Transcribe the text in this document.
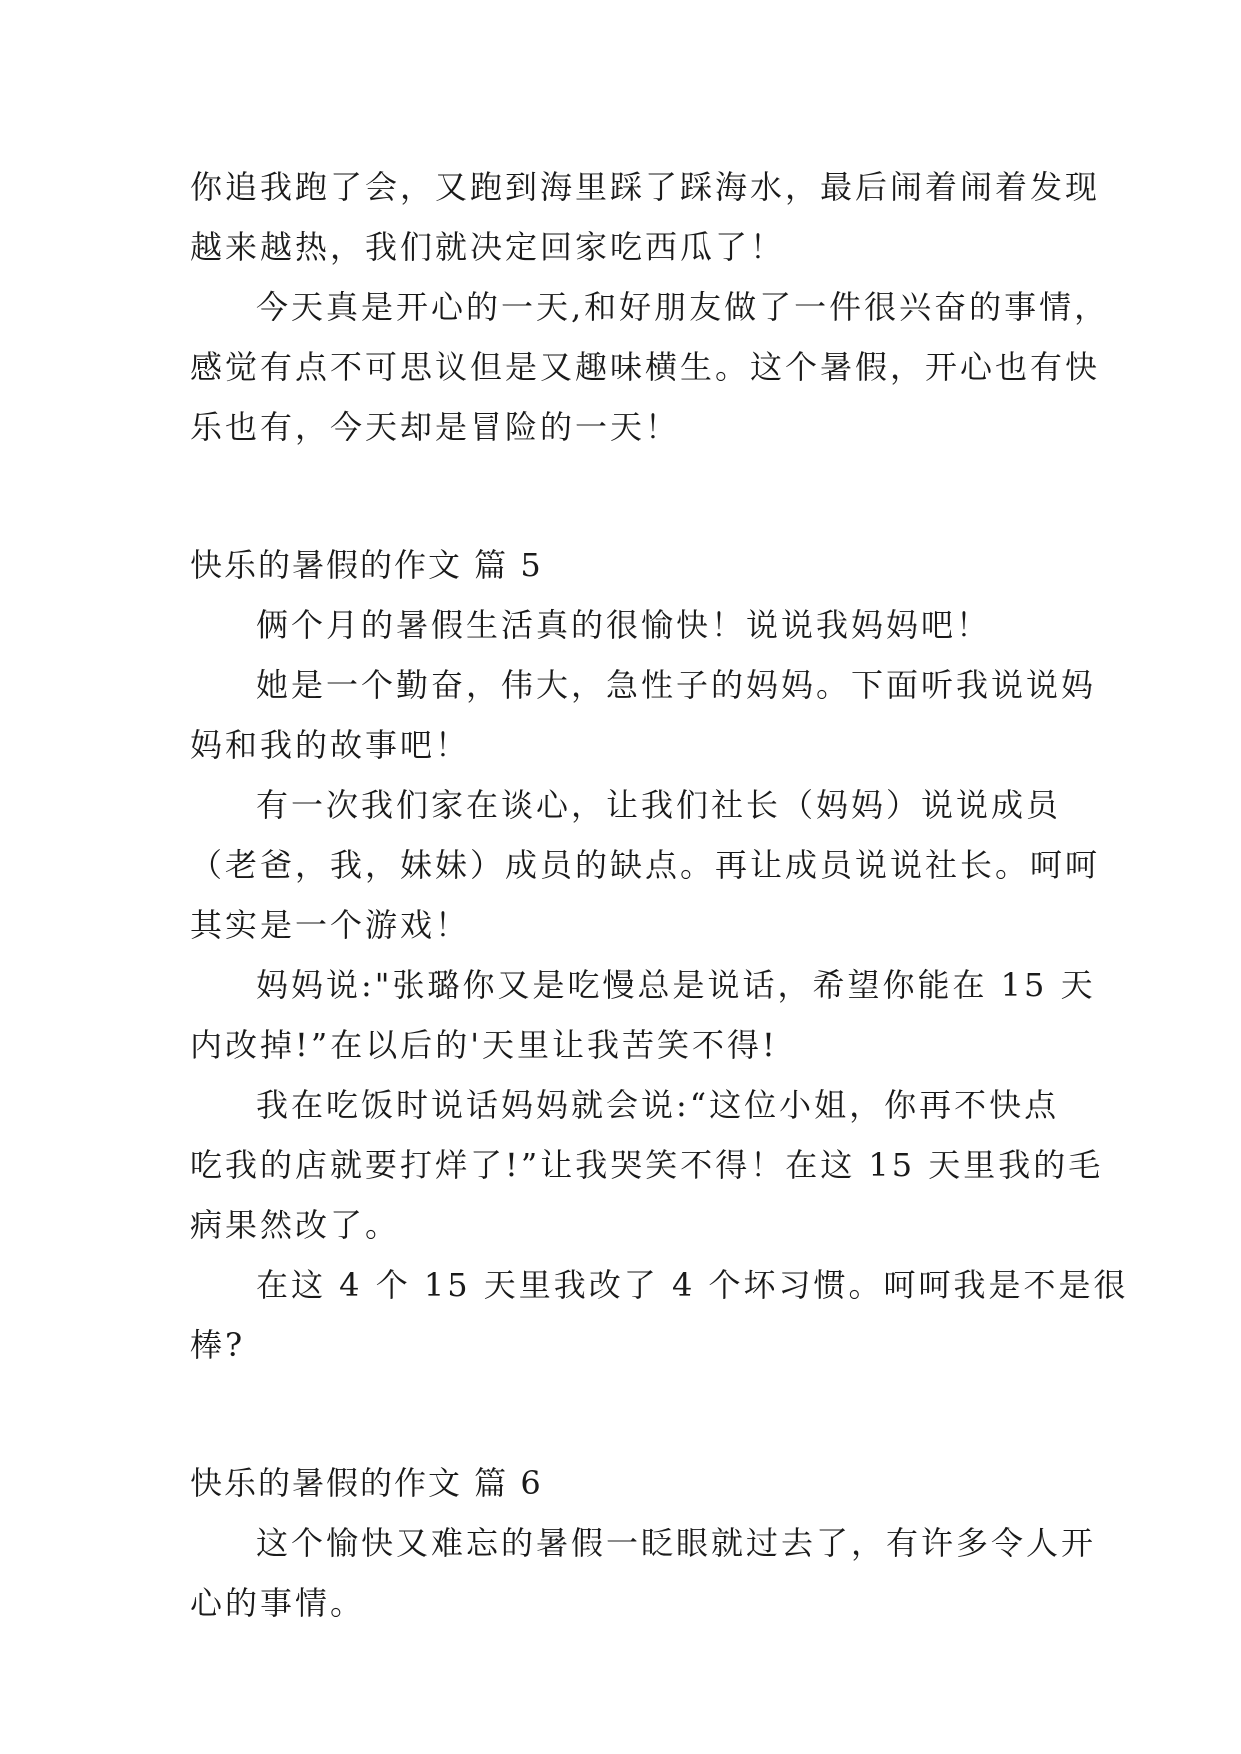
你追我跑了会，又跑到海里踩了踩海水，最后闹着闹着发现
越来越热，我们就决定回家吃西瓜了！
今天真是开心的一天,和好朋友做了一件很兴奋的事情，
感觉有点不可思议但是又趣味横生。这个暑假，开心也有快
乐也有，今天却是冒险的一天！
快乐的暑假的作文 篇 5
俩个月的暑假生活真的很愉快！说说我妈妈吧！
她是一个勤奋，伟大，急性子的妈妈。下面听我说说妈
妈和我的故事吧！
有一次我们家在谈心，让我们社长（妈妈）说说成员
（老爸，我，妹妹）成员的缺点。再让成员说说社长。呵呵
其实是一个游戏！
妈妈说:"张璐你又是吃慢总是说话，希望你能在 15 天
内改掉!”在以后的'天里让我苦笑不得!
我在吃饭时说话妈妈就会说:“这位小姐，你再不快点
吃我的店就要打烊了!”让我哭笑不得！在这 15 天里我的毛
病果然改了。
在这 4 个 15 天里我改了 4 个坏习惯。呵呵我是不是很
棒?
快乐的暑假的作文 篇 6
这个愉快又难忘的暑假一眨眼就过去了，有许多令人开
心的事情。
